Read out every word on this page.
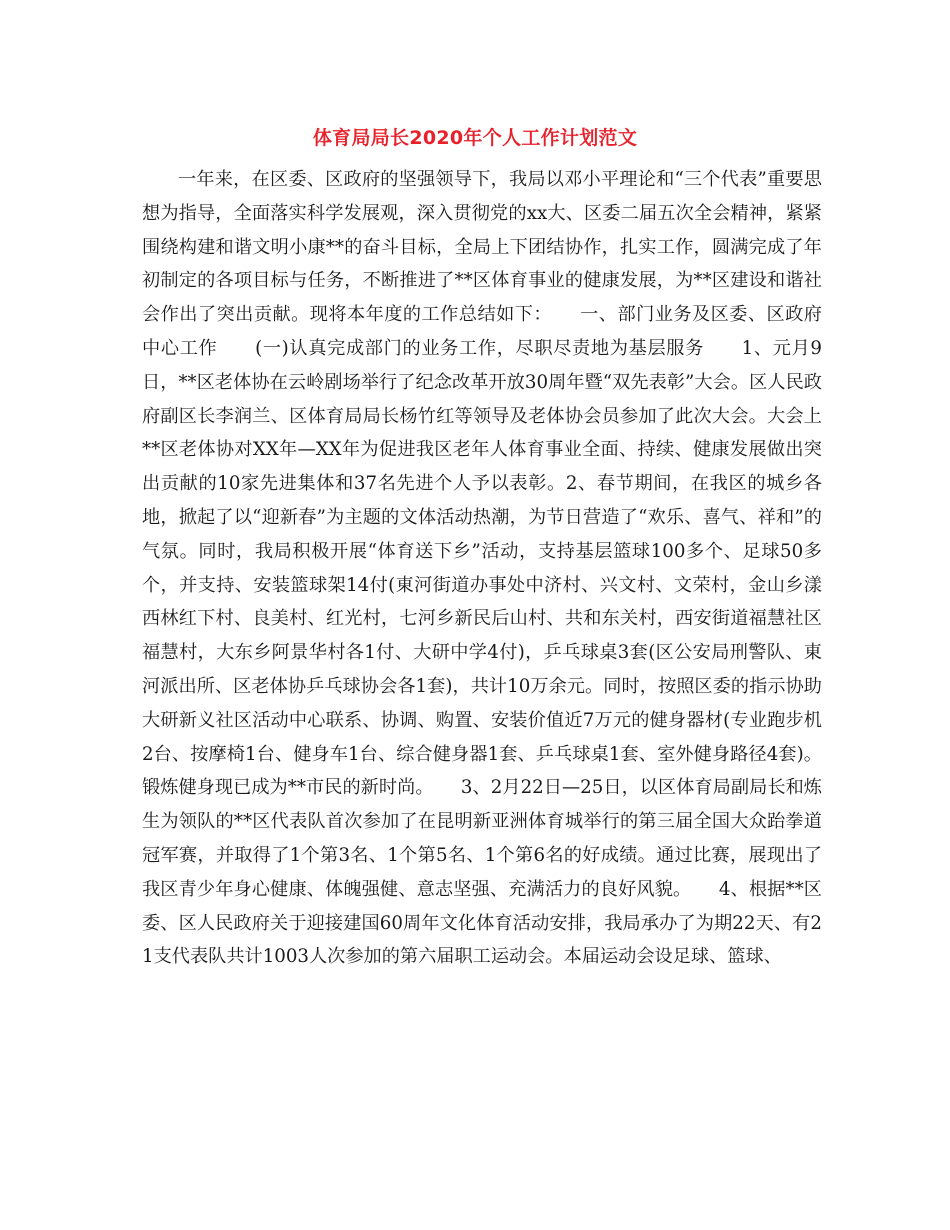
体育局局长2020年个人工作计划范文

一年来，在区委、区政府的坚强领导下，我局以邓小平理论和“三个代表”重要思想为指导，全面落实科学发展观，深入贯彻党的xx大、区委二届五次全会精神，紧紧围绕构建和谐文明小康**的奋斗目标，全局上下团结协作，扎实工作，圆满完成了年初制定的各项目标与任务，不断推进了**区体育事业的健康发展，为**区建设和谐社会作出了突出贡献。现将本年度的工作总结如下：　　一、部门业务及区委、区政府中心工作　　(一)认真完成部门的业务工作，尽职尽责地为基层服务　　1、元月9日，**区老体协在云岭剧场举行了纪念改革开放30周年暨“双先表彰”大会。区人民政府副区长李润兰、区体育局局长杨竹红等领导及老体协会员参加了此次大会。大会上**区老体协对XX年—XX年为促进我区老年人体育事业全面、持续、健康发展做出突出贡献的10家先进集体和37名先进个人予以表彰。2、春节期间，在我区的城乡各地，掀起了以“迎新春”为主题的文体活动热潮，为节日营造了“欢乐、喜气、祥和”的气氛。同时，我局积极开展“体育送下乡”活动，支持基层篮球100多个、足球50多个，并支持、安装篮球架14付(東河街道办事处中济村、兴文村、文荣村，金山乡漾西林红下村、良美村、红光村，七河乡新民后山村、共和东关村，西安街道福慧社区福慧村，大东乡阿景华村各1付、大研中学4付)，乒乓球桌3套(区公安局刑警队、東河派出所、区老体协乒乓球协会各1套)，共计10万余元。同时，按照区委的指示协助大研新义社区活动中心联系、协调、购置、安装价值近7万元的健身器材(专业跑步机2台、按摩椅1台、健身车1台、综合健身器1套、乒乓球桌1套、室外健身路径4套)。锻炼健身现已成为**市民的新时尚。　　3、2月22日—25日，以区体育局副局长和炼生为领队的**区代表队首次参加了在昆明新亚洲体育城举行的第三届全国大众跆拳道冠军赛，并取得了1个第3名、1个第5名、1个第6名的好成绩。通过比赛，展现出了我区青少年身心健康、体魄强健、意志坚强、充满活力的良好风貌。　　4、根据**区委、区人民政府关于迎接建国60周年文化体育活动安排，我局承办了为期22天、有21支代表队共计1003人次参加的第六届职工运动会。本届运动会设足球、篮球、
